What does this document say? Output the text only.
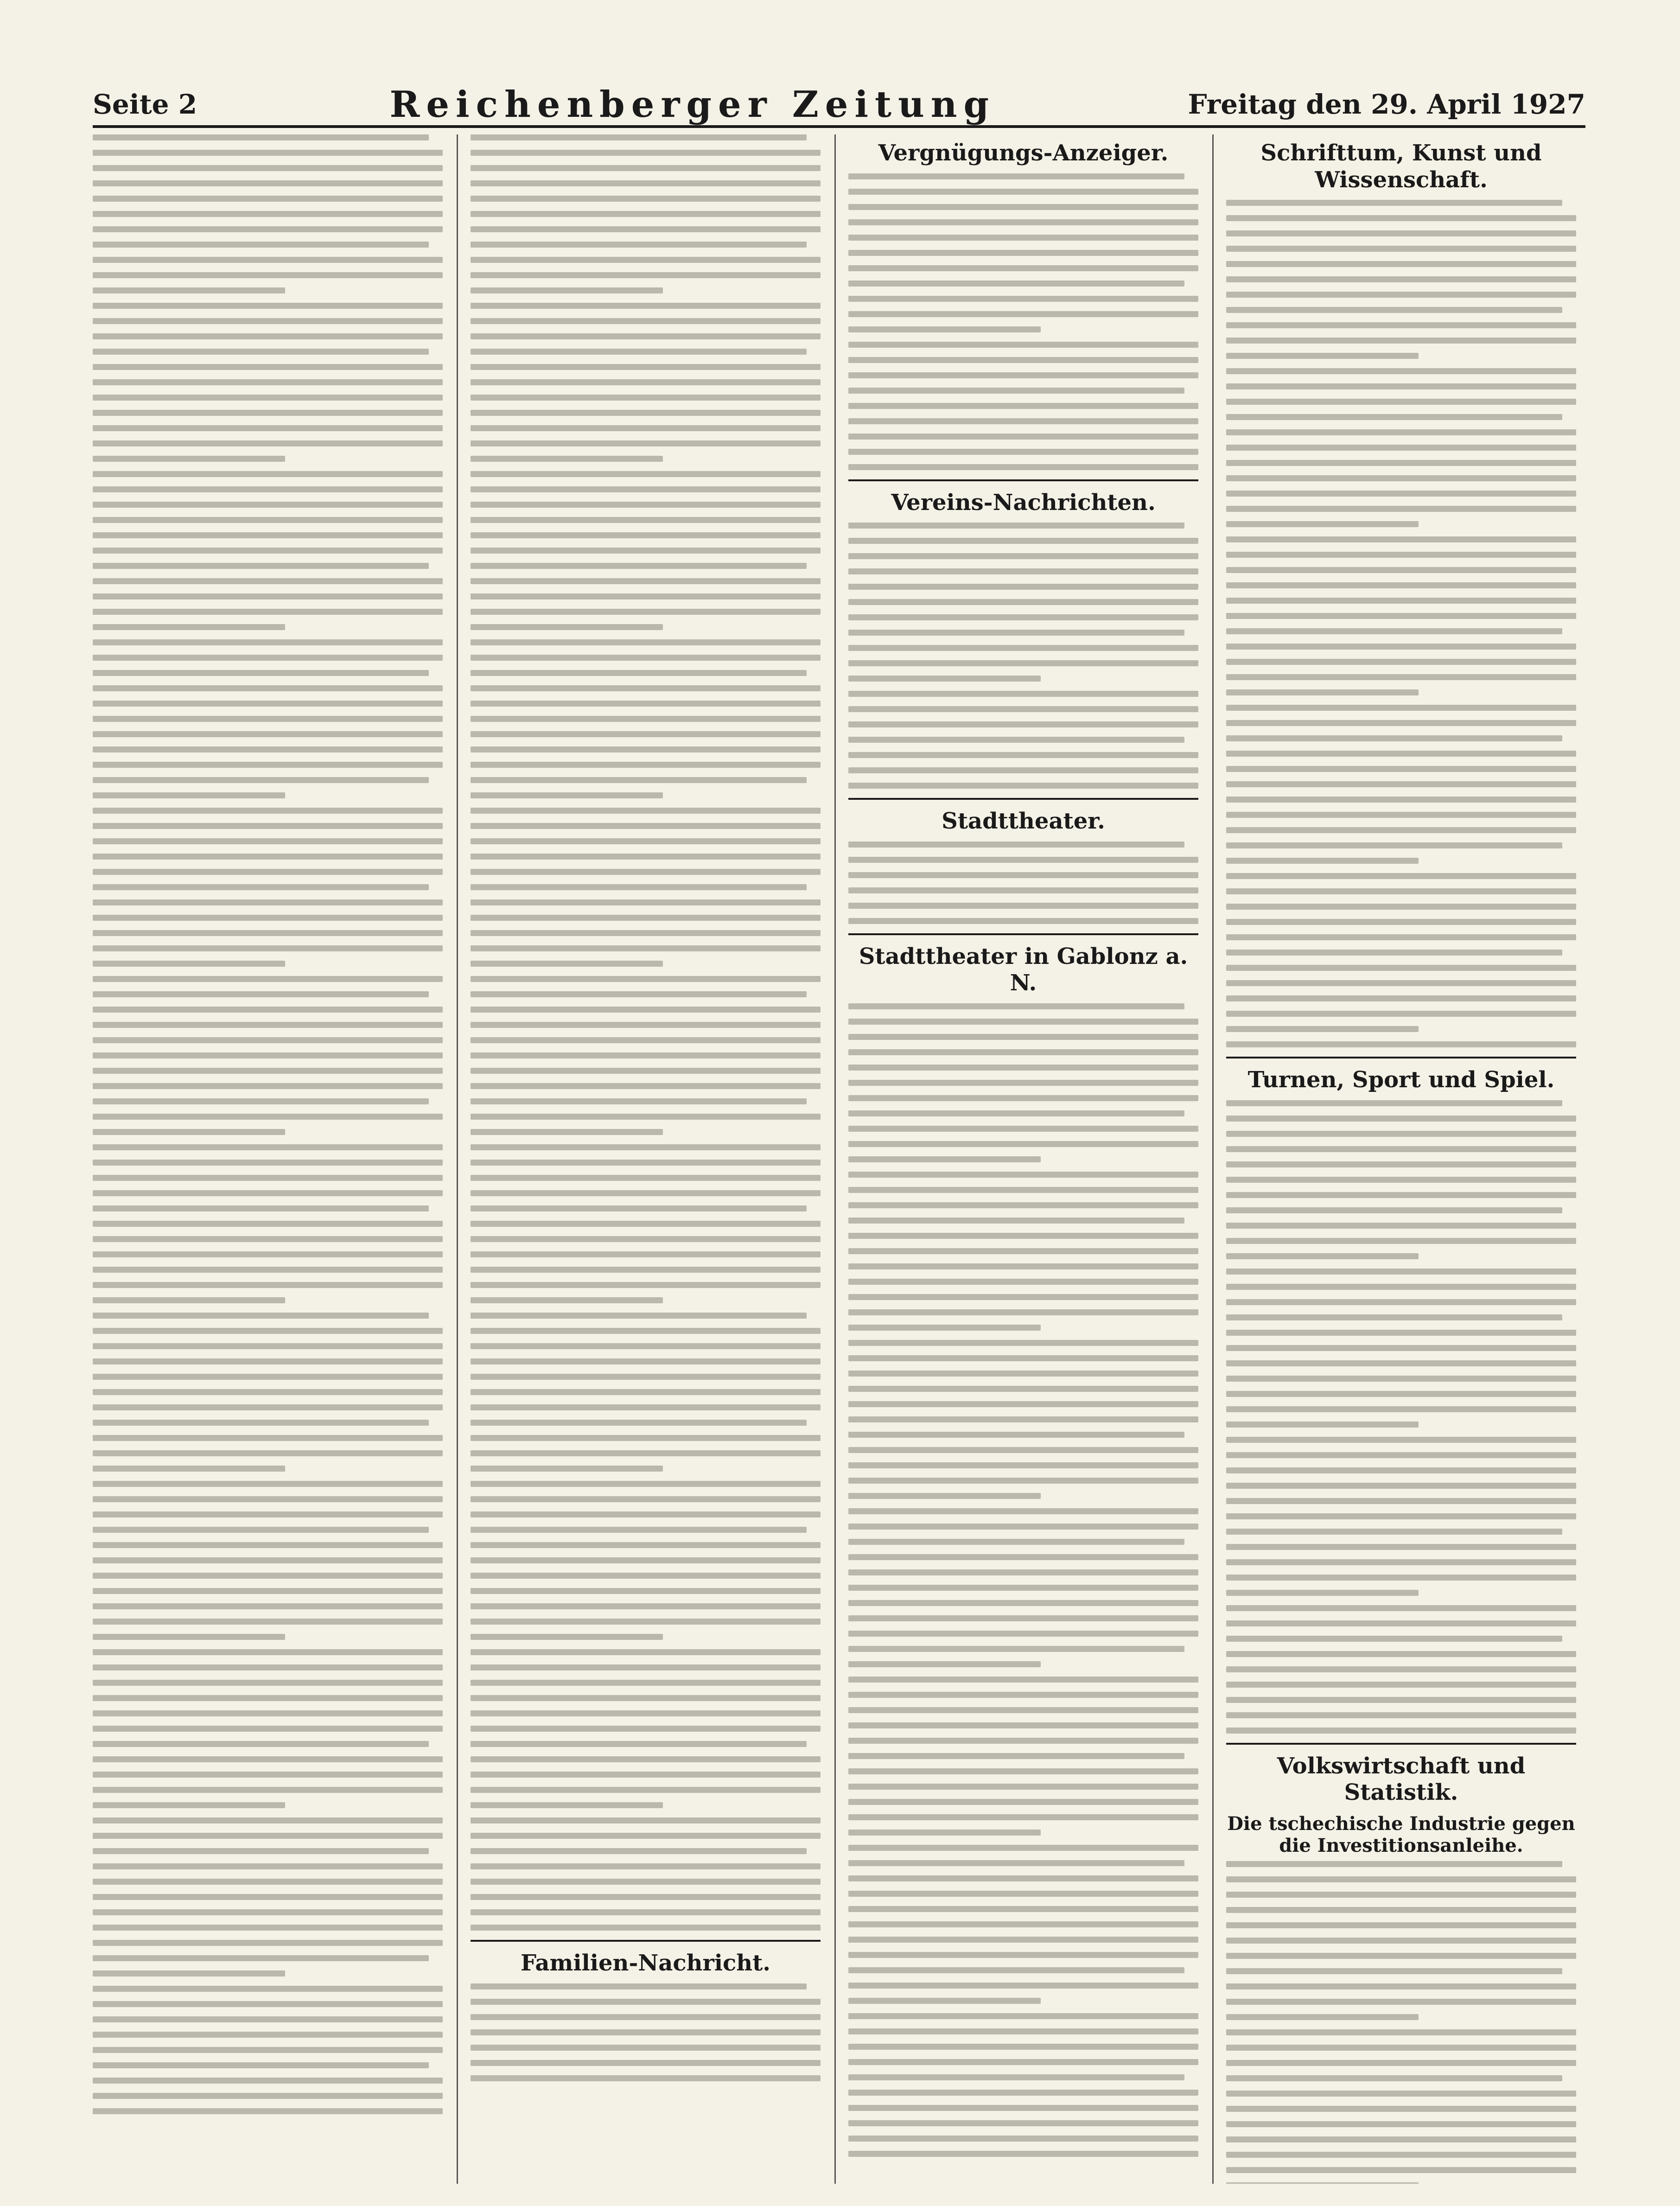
Seite 2	Reichenberger Zeitung	Freitag den 29. April 1927
Familien-Nachricht.
Vergnügungs-Anzeiger.
Vereins-Nachrichten.
Stadttheater.
Stadttheater in Gablonz a. N.
Schrifttum, Kunst und Wissenschaft.
Turnen, Sport und Spiel.
Volkswirtschaft und Statistik.
Die tschechische Industrie gegen die Investitionsanleihe.
